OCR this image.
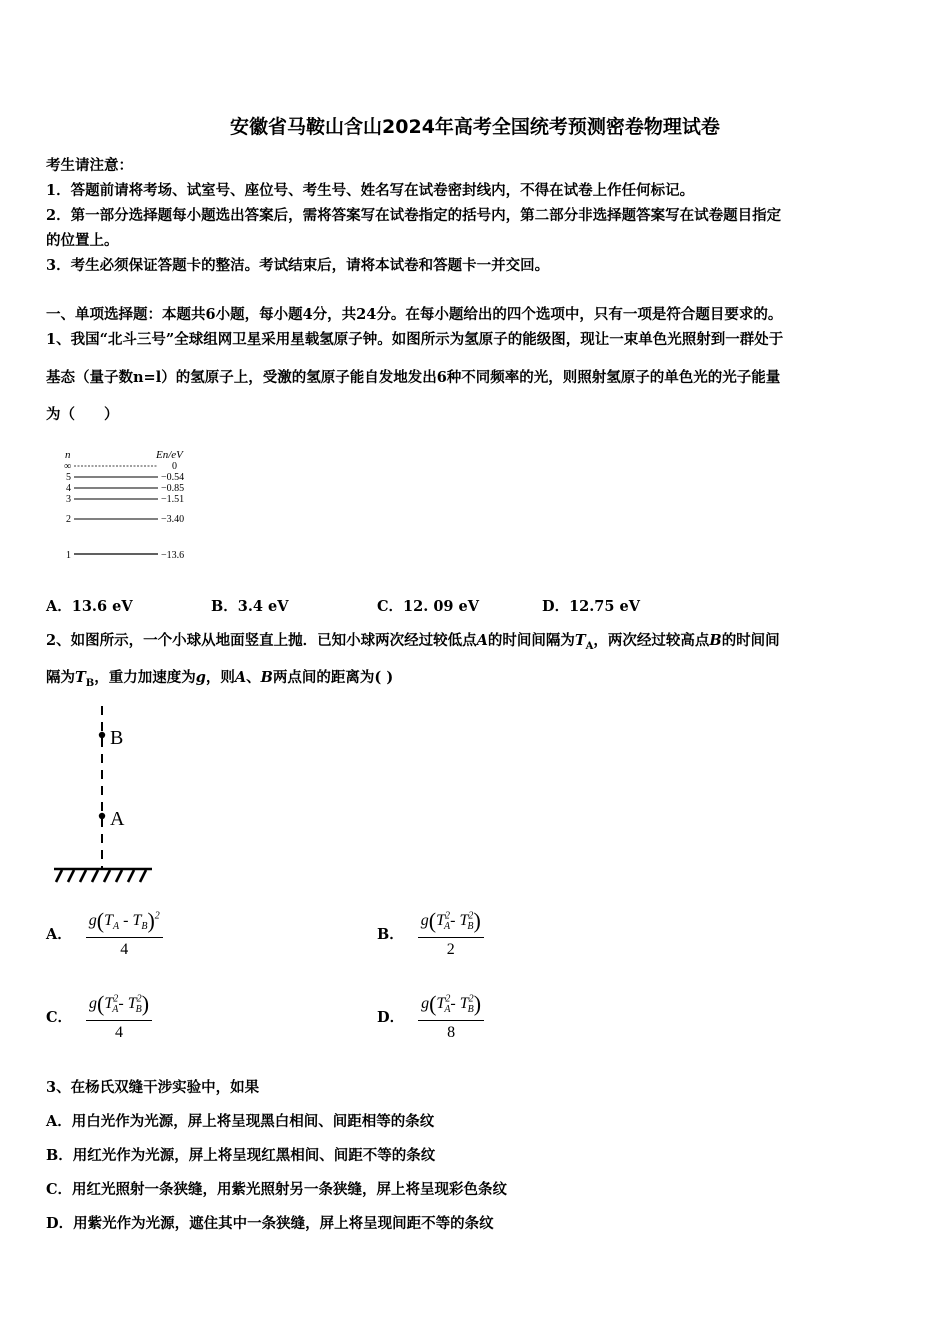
安徽省马鞍山含山2024年高考全国统考预测密卷物理试卷
考生请注意：
1．答题前请将考场、试室号、座位号、考生号、姓名写在试卷密封线内，不得在试卷上作任何标记。
2．第一部分选择题每小题选出答案后，需将答案写在试卷指定的括号内，第二部分非选择题答案写在试卷题目指定
的位置上。
3．考生必须保证答题卡的整洁。考试结束后，请将本试卷和答题卡一并交回。
一、单项选择题：本题共6小题，每小题4分，共24分。在每小题给出的四个选项中，只有一项是符合题目要求的。
1、我国“北斗三号”全球组网卫星采用星载氢原子钟。如图所示为氢原子的能级图，现让一束单色光照射到一群处于
基态（量子数n=l）的氢原子上，受激的氢原子能自发地发出6种不同频率的光，则照射氢原子的单色光的光子能量
为（　　）
n	En/eV
∞	0
5	−0.54
4	−0.85
3	−1.51
2	−3.40
1	−13.6
A．13.6 eV	B．3.4 eV	C．12. 09 eV	D．12.75 eV
2、如图所示，一个小球从地面竖直上抛．已知小球两次经过较低点A的时间间隔为$T_A$，两次经过较高点B的时间间
隔为$T_B$，重力加速度为g，则A、B两点间的距离为( )
B
A
A． $\frac{g(T_A - T_B)^2}{4}$	B． $\frac{g(T^2_A- T^2_B)}{2}$
C． $\frac{g(T^2_A- T^2_B)}{4}$	D． $\frac{g(T^2_A- T^2_B)}{8}$
3、在杨氏双缝干涉实验中，如果
A．用白光作为光源，屏上将呈现黑白相间、间距相等的条纹
B．用红光作为光源，屏上将呈现红黑相间、间距不等的条纹
C．用红光照射一条狭缝，用紫光照射另一条狭缝，屏上将呈现彩色条纹
D．用紫光作为光源，遮住其中一条狭缝，屏上将呈现间距不等的条纹
